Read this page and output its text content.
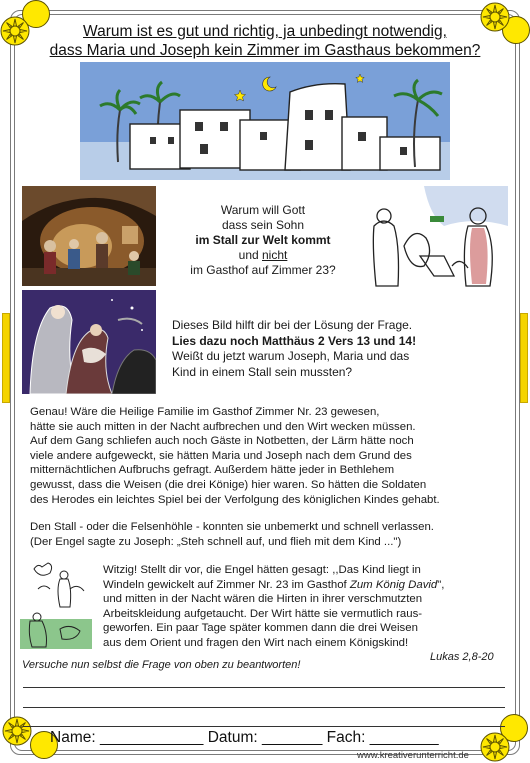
Warum ist es gut und richtig, ja unbedingt notwendig,
dass Maria und Joseph kein Zimmer im Gasthaus bekommen?
Warum will Gott
dass sein Sohn
im Stall zur Welt kommt
und nicht
im Gasthof auf Zimmer 23?
Dieses Bild hilft dir bei der Lösung der Frage.
Lies dazu noch Matthäus 2 Vers 13 und 14!
Weißt du jetzt warum Joseph, Maria und das
Kind in einem Stall sein mussten?
Genau! Wäre die Heilige Familie im Gasthof Zimmer Nr. 23 gewesen,
hätte sie auch mitten in der Nacht aufbrechen und den Wirt wecken müssen.
Auf dem Gang schliefen auch noch Gäste in Notbetten, der Lärm hätte noch
viele andere aufgeweckt, sie hätten Maria und Joseph nach dem Grund des
mitternächtlichen Aufbruchs gefragt. Außerdem hätte jeder in Bethlehem
gewusst, dass die Weisen (die drei Könige) hier waren. So hätten die Soldaten
des Herodes ein leichtes Spiel bei der Verfolgung des königlichen Kindes gehabt.
Den Stall - oder die Felsenhöhle - konnten sie unbemerkt und schnell verlassen.
(Der Engel sagte zu Joseph: „Steh schnell auf, und flieh mit dem Kind ...")
Witzig! Stellt dir vor, die Engel hätten gesagt: ,,Das Kind liegt in
Windeln gewickelt auf Zimmer Nr. 23 im Gasthof Zum König David",
und mitten in der Nacht wären die Hirten in ihrer verschmutzten
Arbeitskleidung aufgetaucht. Der Wirt hätte sie vermutlich raus-
geworfen. Ein paar Tage später kommen dann die drei Weisen
aus dem Orient und fragen den Wirt nach einem Königskind!
Lukas 2,8-20
Versuche nun selbst die Frage von oben zu beantworten!
Name: ____________ Datum: _______ Fach: ________
www.kreativerunterricht.de
